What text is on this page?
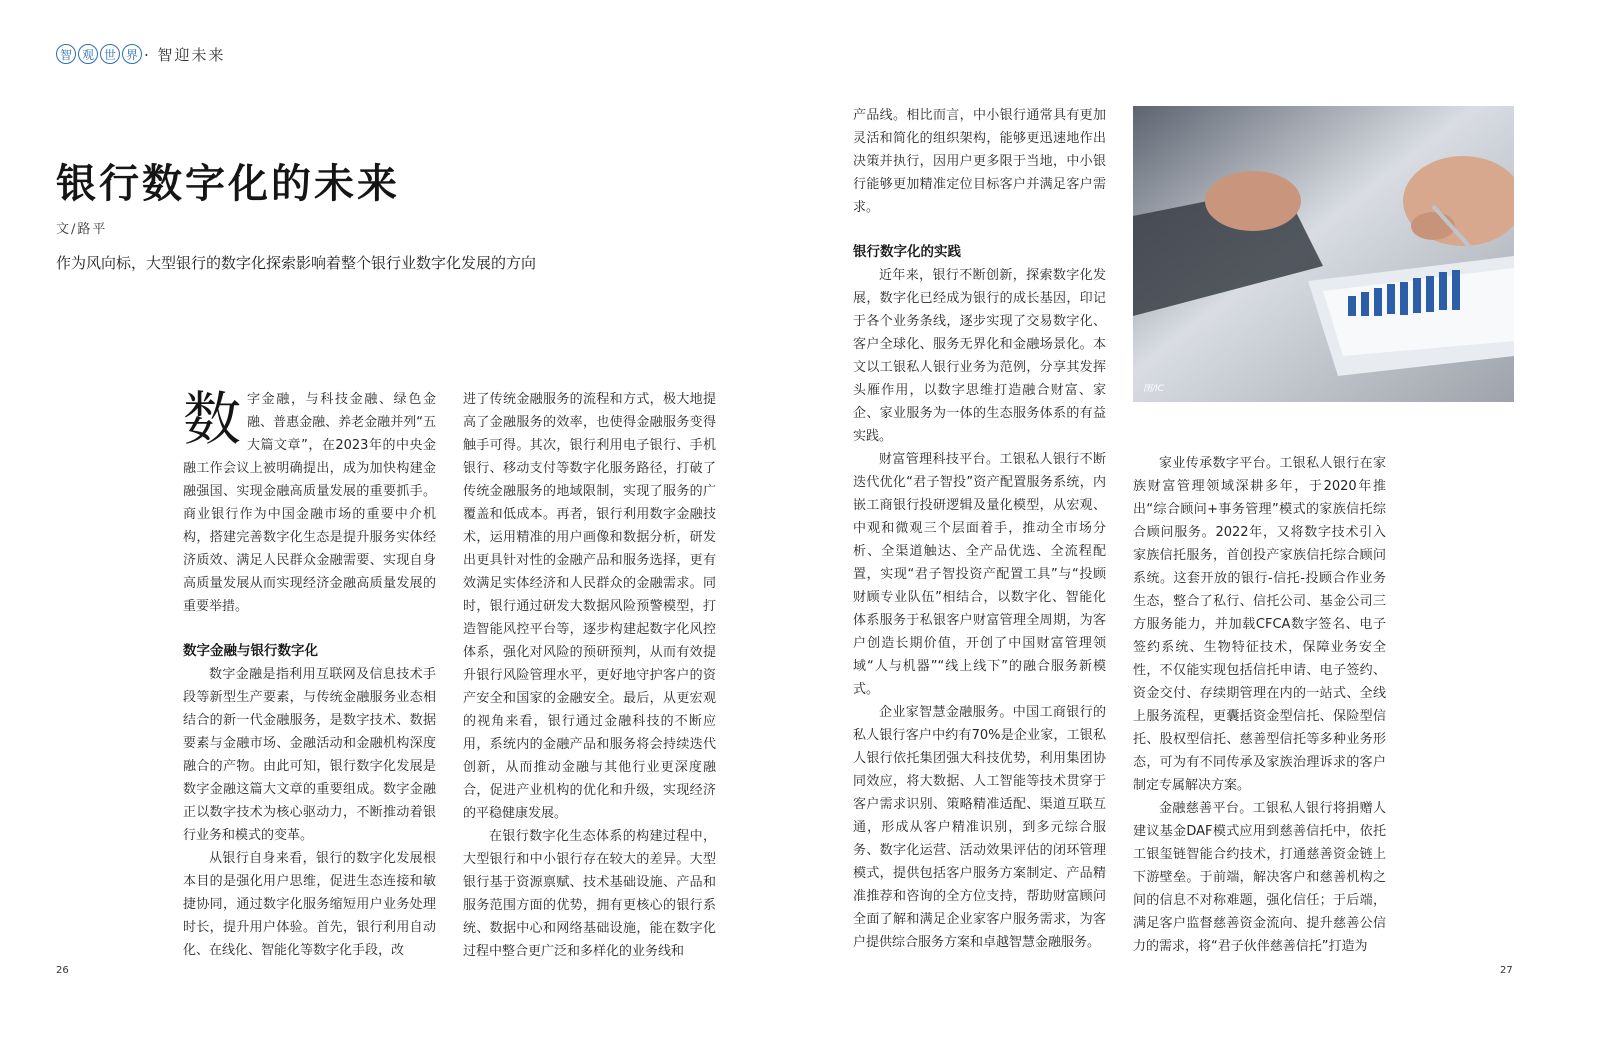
智 观 世 界 · 智迎未来
银行数字化的未来
文/路平
作为风向标，大型银行的数字化探索影响着整个银行业数字化发展的方向

数字金融，与科技金融、绿色金融、普惠金融、养老金融并列“五大篇文章”，在2023年的中央金融工作会议上被明确提出，成为加快构建金融强国、实现金融高质量发展的重要抓手。商业银行作为中国金融市场的重要中介机构，搭建完善数字化生态是提升服务实体经济质效、满足人民群众金融需要、实现自身高质量发展从而实现经济金融高质量发展的重要举措。

数字金融与银行数字化

数字金融是指利用互联网及信息技术手段等新型生产要素，与传统金融服务业态相结合的新一代金融服务，是数字技术、数据要素与金融市场、金融活动和金融机构深度融合的产物。由此可知，银行数字化发展是数字金融这篇大文章的重要组成。数字金融正以数字技术为核心驱动力，不断推动着银行业务和模式的变革。

从银行自身来看，银行的数字化发展根本目的是强化用户思维，促进生态连接和敏捷协同，通过数字化服务缩短用户业务处理时长，提升用户体验。首先，银行利用自动化、在线化、智能化等数字化手段，改

进了传统金融服务的流程和方式，极大地提高了金融服务的效率，也使得金融服务变得触手可得。其次，银行利用电子银行、手机银行、移动支付等数字化服务路径，打破了传统金融服务的地域限制，实现了服务的广覆盖和低成本。再者，银行利用数字金融技术，运用精准的用户画像和数据分析，研发出更具针对性的金融产品和服务选择，更有效满足实体经济和人民群众的金融需求。同时，银行通过研发大数据风险预警模型，打造智能风控平台等，逐步构建起数字化风控体系，强化对风险的预研预判，从而有效提升银行风险管理水平，更好地守护客户的资产安全和国家的金融安全。最后，从更宏观的视角来看，银行通过金融科技的不断应用，系统内的金融产品和服务将会持续迭代创新，从而推动金融与其他行业更深度融合，促进产业机构的优化和升级，实现经济的平稳健康发展。

在银行数字化生态体系的构建过程中，大型银行和中小银行存在较大的差异。大型银行基于资源禀赋、技术基础设施、产品和服务范围方面的优势，拥有更核心的银行系统、数据中心和网络基础设施，能在数字化过程中整合更广泛和多样化的业务线和

产品线。相比而言，中小银行通常具有更加灵活和简化的组织架构，能够更迅速地作出决策并执行，因用户更多限于当地，中小银行能够更加精准定位目标客户并满足客户需求。

银行数字化的实践

近年来，银行不断创新，探索数字化发展，数字化已经成为银行的成长基因，印记于各个业务条线，逐步实现了交易数字化、客户全球化、服务无界化和金融场景化。本文以工银私人银行业务为范例，分享其发挥头雁作用，以数字思维打造融合财富、家企、家业服务为一体的生态服务体系的有益实践。

财富管理科技平台。工银私人银行不断迭代优化“君子智投”资产配置服务系统，内嵌工商银行投研逻辑及量化模型，从宏观、中观和微观三个层面着手，推动全市场分析、全渠道触达、全产品优选、全流程配置，实现“君子智投资产配置工具”与“投顾财顾专业队伍”相结合，以数字化、智能化体系服务于私银客户财富管理全周期，为客户创造长期价值，开创了中国财富管理领域“人与机器”“线上线下”的融合服务新模式。

企业家智慧金融服务。中国工商银行的私人银行客户中约有70%是企业家，工银私人银行依托集团强大科技优势，利用集团协同效应，将大数据、人工智能等技术贯穿于客户需求识别、策略精准适配、渠道互联互通，形成从客户精准识别，到多元综合服务、数字化运营、活动效果评估的闭环管理模式，提供包括客户服务方案制定、产品精准推荐和咨询的全方位支持，帮助财富顾问全面了解和满足企业家客户服务需求，为客户提供综合服务方案和卓越智慧金融服务。

图/IC

家业传承数字平台。工银私人银行在家族财富管理领域深耕多年，于2020年推出“综合顾问+事务管理”模式的家族信托综合顾问服务。2022年，又将数字技术引入家族信托服务，首创投产家族信托综合顾问系统。这套开放的银行-信托-投顾合作业务生态，整合了私行、信托公司、基金公司三方服务能力，并加载CFCA数字签名、电子签约系统、生物特征技术，保障业务安全性，不仅能实现包括信托申请、电子签约、资金交付、存续期管理在内的一站式、全线上服务流程，更囊括资金型信托、保险型信托、股权型信托、慈善型信托等多种业务形态，可为有不同传承及家族治理诉求的客户制定专属解决方案。

金融慈善平台。工银私人银行将捐赠人建议基金DAF模式应用到慈善信托中，依托工银玺链智能合约技术，打通慈善资金链上下游壁垒。于前端，解决客户和慈善机构之间的信息不对称难题，强化信任；于后端，满足客户监督慈善资金流向、提升慈善公信力的需求，将“君子伙伴慈善信托”打造为

26	27
